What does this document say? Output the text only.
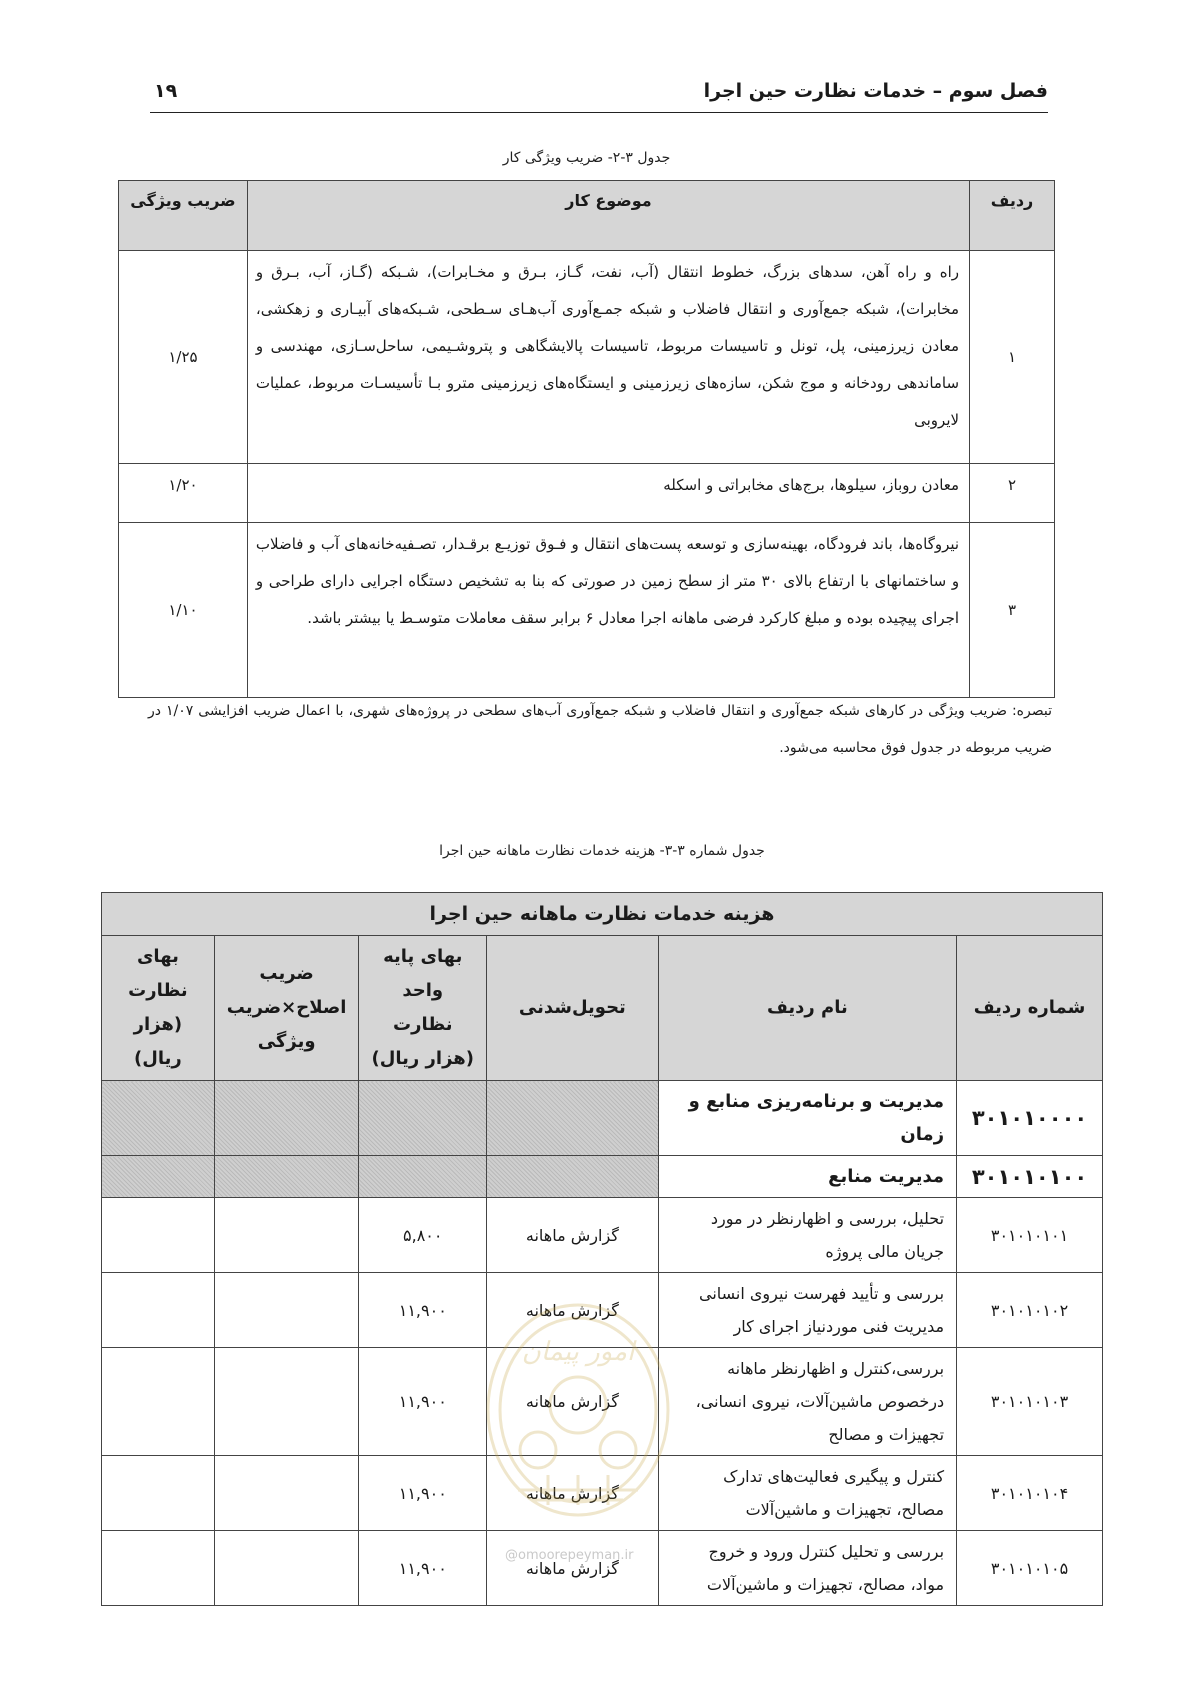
فصل سوم – خدمات نظارت حین اجرا
۱۹
جدول ۳-۲- ضریب ویژگی کار
ردیف	موضوع کار	ضریب ویژگی
۱	راه و راه آهن، سدهای بزرگ، خطوط انتقال (آب، نفت، گـاز، بـرق و مخـابرات)، شـبکه (گـاز، آب، بـرق و مخابرات)، شبکه جمع‌آوری و انتقال فاضلاب و شبکه جمـع‌آوری آب‌هـای سـطحی، شـبکه‌های آبیـاری و زهکشی، معادن زیرزمینی، پل، تونل و تاسیسات مربوط، تاسیسات پالایشگاهی و پتروشـیمی، ساحل‌سـازی، مهندسی و ساماندهی رودخانه و موج شکن، سازه‌های زیرزمینی و ایستگاه‌های زیرزمینی مترو بـا تأسیسـات مربوط، عملیات لایروبی	۱/۲۵
۲	معادن روباز، سیلوها، برج‌های مخابراتی و اسکله	۱/۲۰
۳	نیروگاه‌ها، باند فرودگاه، بهینه‌سازی و توسعه پست‌های انتقال و فـوق توزیـع برقـدار، تصـفیه‌خانه‌های آب و فاضلاب و ساختمانهای با ارتفاع بالای ۳۰ متر از سطح زمین در صورتی که بنا به تشخیص دستگاه اجرایی دارای طراحی و اجرای پیچیده بوده و مبلغ کارکرد فرضی ماهانه اجرا معادل ۶ برابر سقف معاملات متوسـط یا بیشتر باشد.	۱/۱۰
تبصره: ضریب ویژگی در کارهای شبکه جمع‌آوری و انتقال فاضلاب و شبکه جمع‌آوری آب‌های سطحی در پروژه‌های شهری، با اعمال ضریب افزایشی ۱/۰۷ در ضریب مربوطه در جدول فوق محاسبه می‌شود.
جدول شماره ۳-۳- هزینه خدمات نظارت ماهانه حین اجرا
هزینه خدمات نظارت ماهانه حین اجرا					
شماره ردیف	نام ردیف	تحویل‌شدنی	بهای پایه واحد نظارت (هزار ریال)	ضریب اصلاح×ضریب ویژگی	بهای نظارت (هزار ریال)
۳۰۱۰۱۰۰۰۰	مدیریت و برنامه‌ریزی منابع و زمان				
۳۰۱۰۱۰۱۰۰	مدیریت منابع				
۳۰۱۰۱۰۱۰۱	تحلیل، بررسی و اظهارنظر در مورد جریان مالی پروژه	گزارش ماهانه	۵,۸۰۰		
۳۰۱۰۱۰۱۰۲	بررسی و تأیید فهرست نیروی انسانی مدیریت فنی موردنیاز اجرای کار	گزارش ماهانه	۱۱,۹۰۰		
۳۰۱۰۱۰۱۰۳	بررسی،کنترل و اظهارنظر ماهانه درخصوص ماشین‌آلات، نیروی انسانی، تجهیزات و مصالح	گزارش ماهانه	۱۱,۹۰۰		
۳۰۱۰۱۰۱۰۴	کنترل و پیگیری فعالیت‌های تدارک مصالح، تجهیزات و ماشین‌آلات	گزارش ماهانه	۱۱,۹۰۰		
۳۰۱۰۱۰۱۰۵	بررسی و تحلیل کنترل ورود و خروج مواد، مصالح، تجهیزات و ماشین‌آلات	گزارش ماهانه	۱۱,۹۰۰		
امور پیمان
@omoorepeyman.ir
